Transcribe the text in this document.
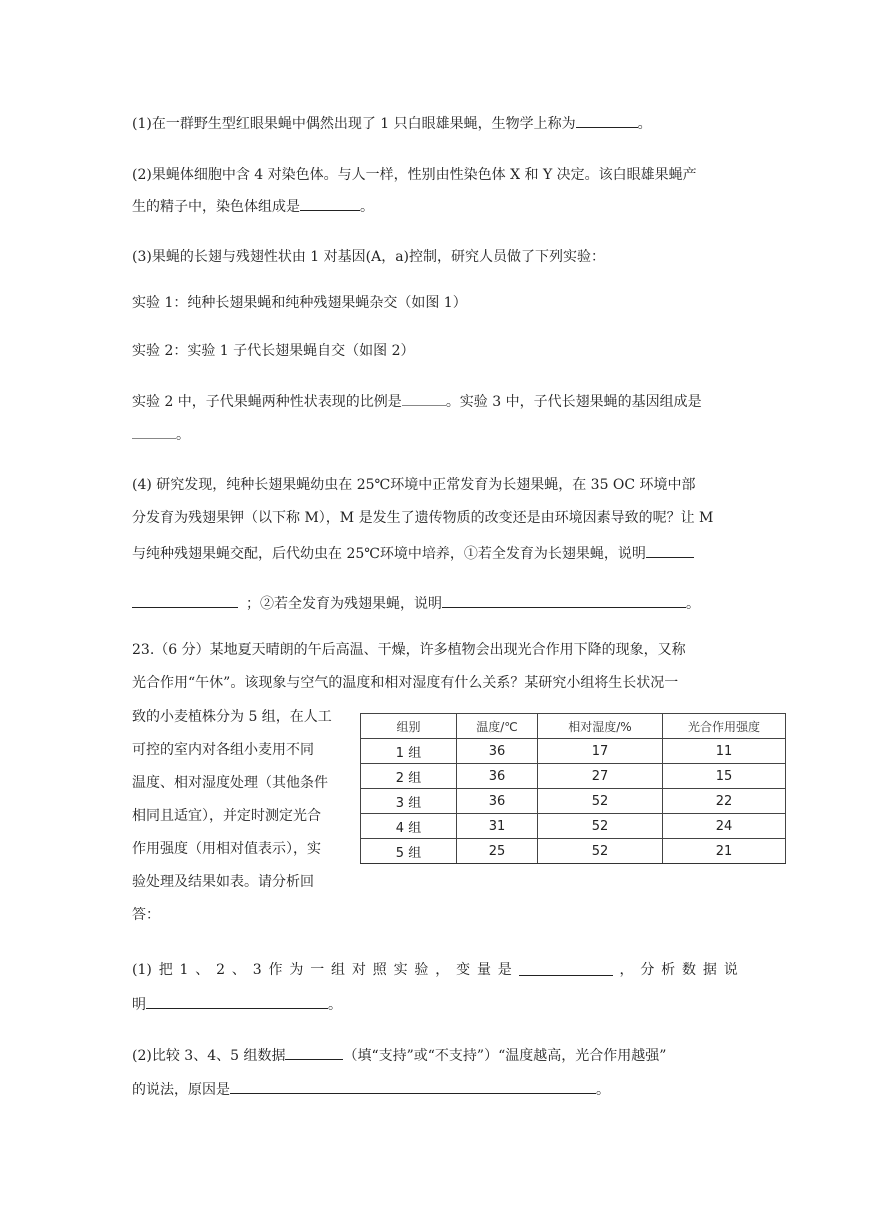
(1)在一群野生型红眼果蝇中偶然出现了 1 只白眼雄果蝇，生物学上称为	。
(2)果蝇体细胞中含 4 对染色体。与人一样，性别由性染色体 X 和 Y 决定。该白眼雄果蝇产
生的精子中，染色体组成是	。
(3)果蝇的长翅与残翅性状由 1 对基因(A，a)控制，研究人员做了下列实验：
实验 1：纯种长翅果蝇和纯种残翅果蝇杂交（如图 1）
实验 2：实验 1 子代长翅果蝇自交（如图 2）
实验 2 中，子代果蝇两种性状表现的比例是	。实验 3 中，子代长翅果蝇的基因组成是
。
(4) 研究发现，纯种长翅果蝇幼虫在 25℃环境中正常发育为长翅果蝇，在 35 OC 环境中部
分发育为残翅果钾（以下称 M），M 是发生了遗传物质的改变还是由环境因素导致的呢？让 M
与纯种残翅果蝇交配，后代幼虫在 25℃环境中培养，①若全发育为长翅果蝇，说明
；②若全发育为残翅果蝇，说明	。
23.（6 分）某地夏天晴朗的午后高温、干燥，许多植物会出现光合作用下降的现象，又称
光合作用“午休”。该现象与空气的温度和相对湿度有什么关系？某研究小组将生长状况一
致的小麦植株分为 5 组，在人工
可控的室内对各组小麦用不同
温度、相对湿度处理（其他条件
相同且适宜），并定时测定光合
作用强度（用相对值表示），实
验处理及结果如表。请分析回
答：
组别	温度/℃	相对湿度/%	光合作用强度
1 组	36	17	11
2 组	36	27	15
3 组	36	52	22
4 组	31	52	24
5 组	25	52	21
(1) 把 1 、 2 、 3 作 为 一 组 对 照 实 验 ， 变 量 是	， 分 析 数 据 说
明	。
(2)比较 3、4、5 组数据	（填“支持”或“不支持”）“温度越高，光合作用越强”
的说法，原因是	。
